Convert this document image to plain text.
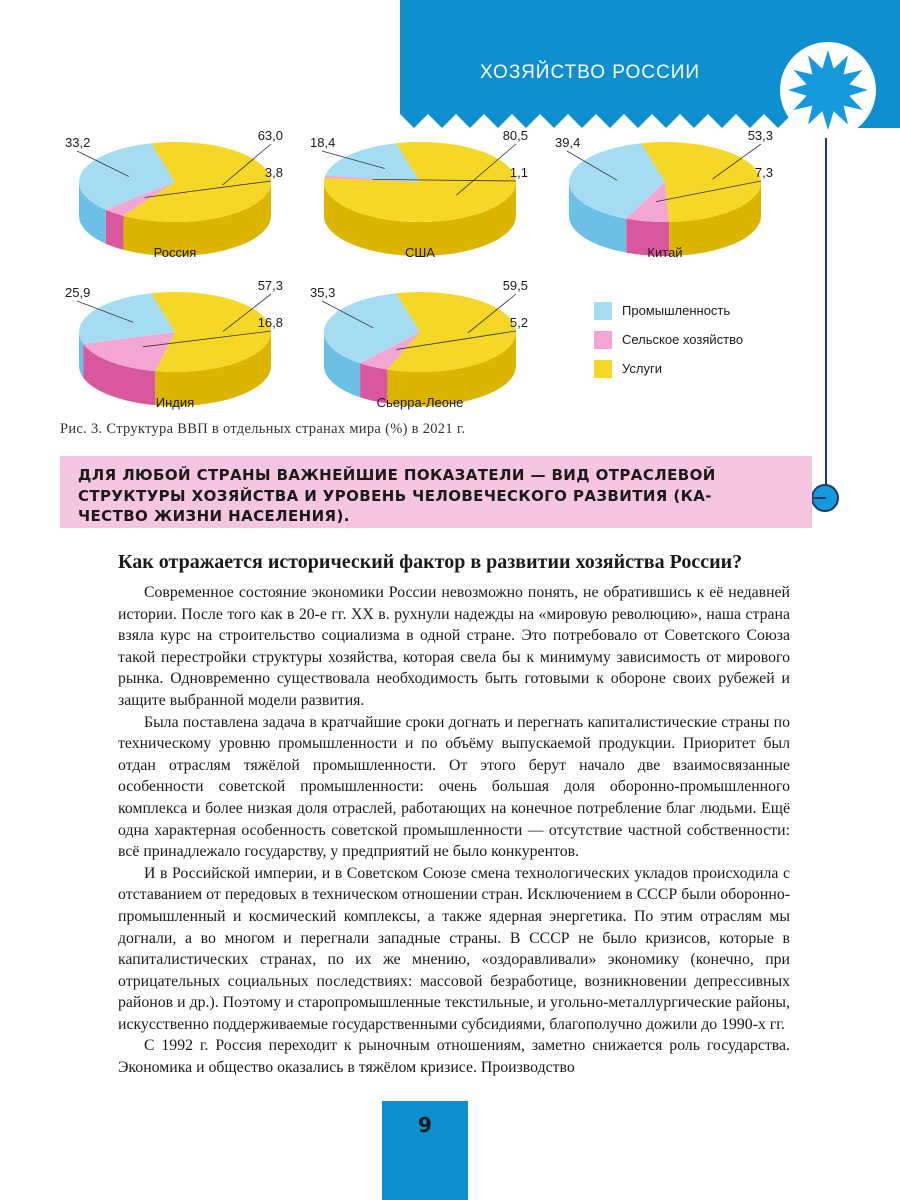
ХОЗЯЙСТВО РОССИИ
33,2
3,8
63,0
Россия
18,4
1,1
80,5
США
39,4
7,3
53,3
Китай
25,9
16,8
57,3
Индия
35,3
5,2
59,5
Сьерра-Леоне
Промышленность
Сельское хозяйство
Услуги
Рис. 3. Структура ВВП в отдельных странах мира (%) в 2021 г.
ДЛЯ ЛЮБОЙ СТРАНЫ ВАЖНЕЙШИЕ ПОКАЗАТЕЛИ — ВИД ОТРАСЛЕВОЙ
СТРУКТУРЫ ХОЗЯЙСТВА И УРОВЕНЬ ЧЕЛОВЕЧЕСКОГО РАЗВИТИЯ (КА-
ЧЕСТВО ЖИЗНИ НАСЕЛЕНИЯ).
Как отражается исторический фактор в развитии хозяйства России?

Современное состояние экономики России невозможно понять, не обратившись к её недавней истории. После того как в 20-е гг. XX в. рухнули надежды на «мировую революцию», наша страна взяла курс на строительство социализма в одной стране. Это потребовало от Советского Союза такой перестройки структуры хозяйства, которая свела бы к минимуму зависимость от мирового рынка. Одновременно существовала необходимость быть готовыми к обороне своих рубежей и защите выбранной модели развития.

Была поставлена задача в кратчайшие сроки догнать и перегнать капиталистические страны по техническому уровню промышленности и по объёму выпускаемой продукции. Приоритет был отдан отраслям тяжёлой промышленности. От этого берут начало две взаимосвязанные особенности советской промышленности: очень большая доля оборонно-промышленного комплекса и более низкая доля отраслей, работающих на конечное потребление благ людьми. Ещё одна характерная особенность советской промышленности — отсутствие частной собственности: всё принадлежало государству, у предприятий не было конкурентов.

И в Российской империи, и в Советском Союзе смена технологических укладов происходила с отставанием от передовых в техническом отношении стран. Исключением в СССР были оборонно-промышленный и космический комплексы, а также ядерная энергетика. По этим отраслям мы догнали, а во многом и перегнали западные страны. В СССР не было кризисов, которые в капиталистических странах, по их же мнению, «оздоравливали» экономику (конечно, при отрицательных социальных последствиях: массовой безработице, возникновении депрессивных районов и др.). Поэтому и старопромышленные текстильные, и угольно-металлургические районы, искусственно поддерживаемые государственными субсидиями, благополучно дожили до 1990-х гг.

С 1992 г. Россия переходит к рыночным отношениям, заметно снижается роль государства. Экономика и общество оказались в тяжёлом кризисе. Производство

9
